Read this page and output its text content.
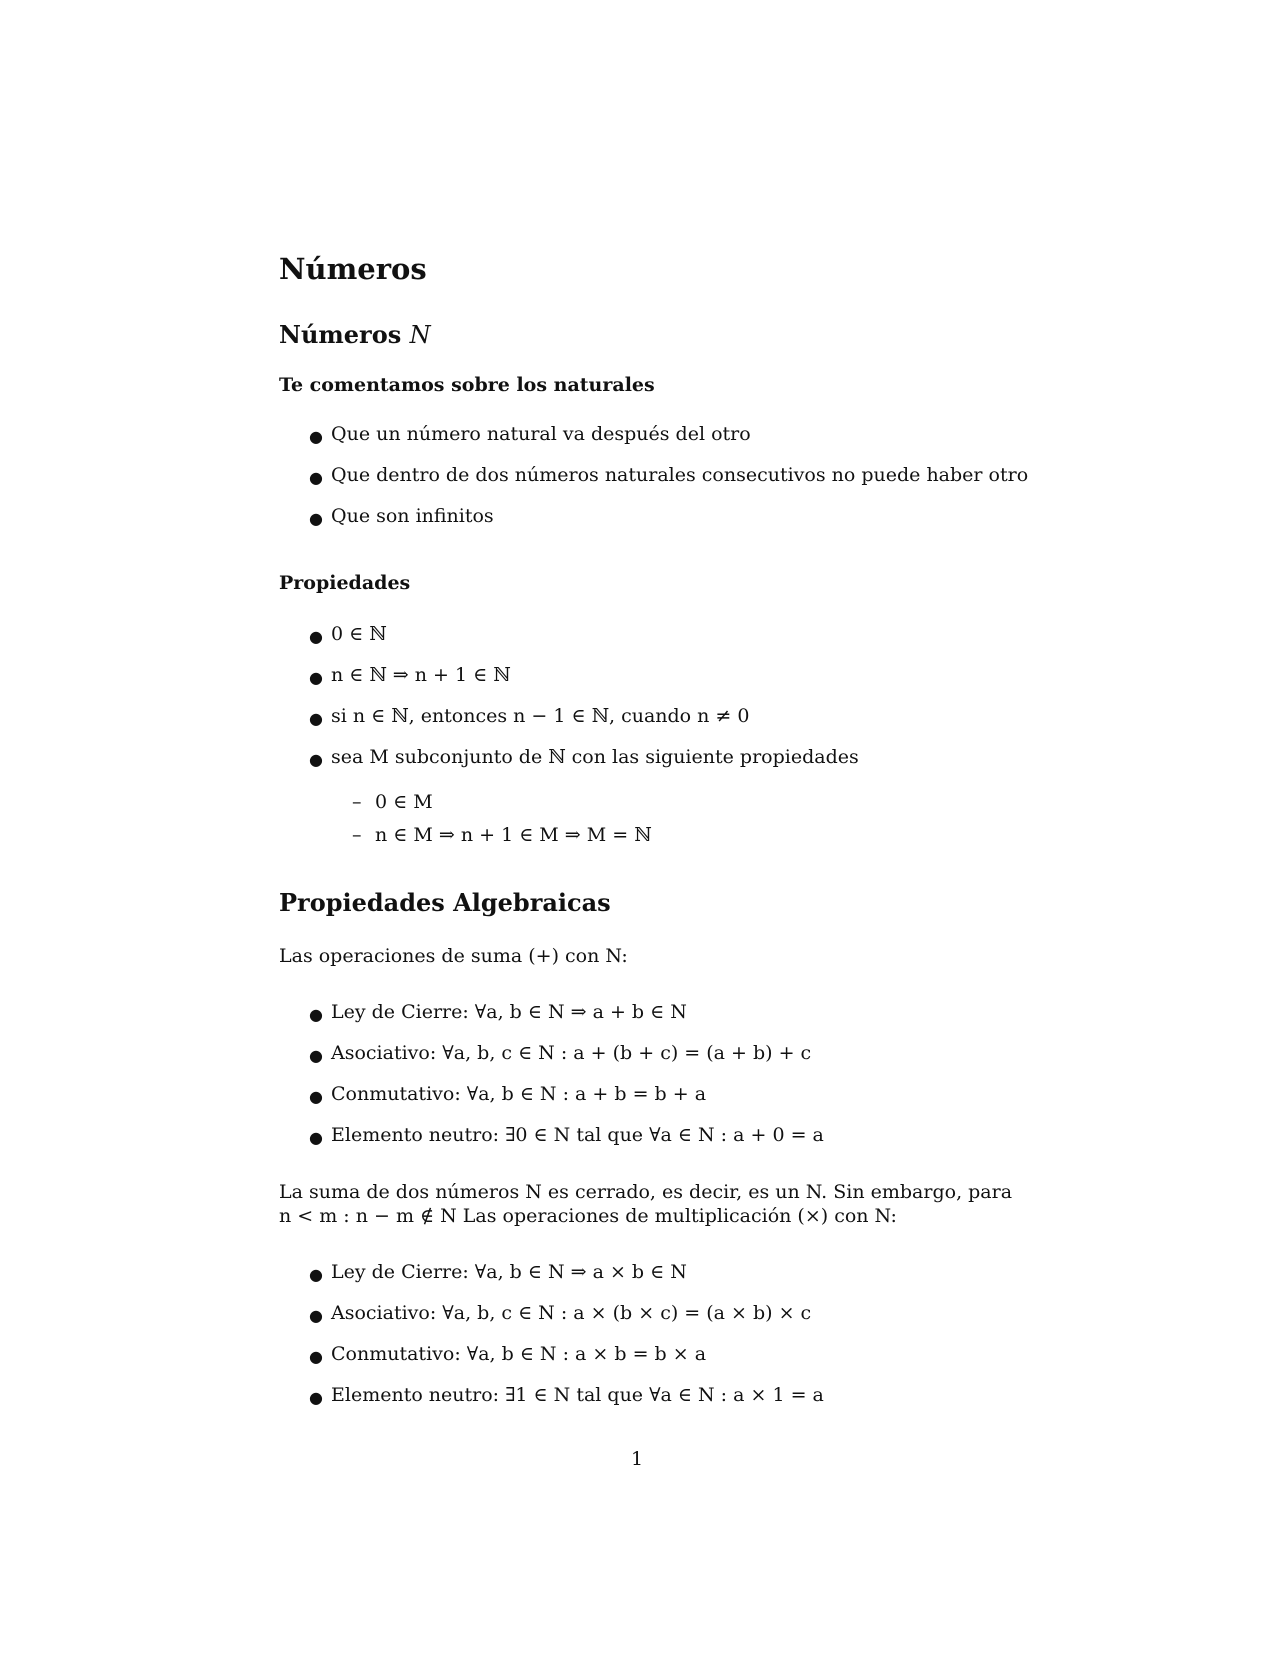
Números
Números N
Te comentamos sobre los naturales
● Que un número natural va después del otro
● Que dentro de dos números naturales consecutivos no puede haber otro
● Que son infinitos
Propiedades
● 0 ∈ ℕ
● n ∈ ℕ ⇒ n + 1 ∈ ℕ
● si n ∈ ℕ, entonces n − 1 ∈ ℕ, cuando n ≠ 0
● sea M subconjunto de ℕ con las siguiente propiedades
– 0 ∈ M
– n ∈ M ⇒ n + 1 ∈ M ⇒ M = ℕ
Propiedades Algebraicas
Las operaciones de suma (+) con N:
● Ley de Cierre: ∀a, b ∈ N ⇒ a + b ∈ N
● Asociativo: ∀a, b, c ∈ N : a + (b + c) = (a + b) + c
● Conmutativo: ∀a, b ∈ N : a + b = b + a
● Elemento neutro: ∃0 ∈ N tal que ∀a ∈ N : a + 0 = a
La suma de dos números N es cerrado, es decir, es un N. Sin embargo, para
n < m : n − m ∉ N Las operaciones de multiplicación (×) con N:
● Ley de Cierre: ∀a, b ∈ N ⇒ a × b ∈ N
● Asociativo: ∀a, b, c ∈ N : a × (b × c) = (a × b) × c
● Conmutativo: ∀a, b ∈ N : a × b = b × a
● Elemento neutro: ∃1 ∈ N tal que ∀a ∈ N : a × 1 = a
1
